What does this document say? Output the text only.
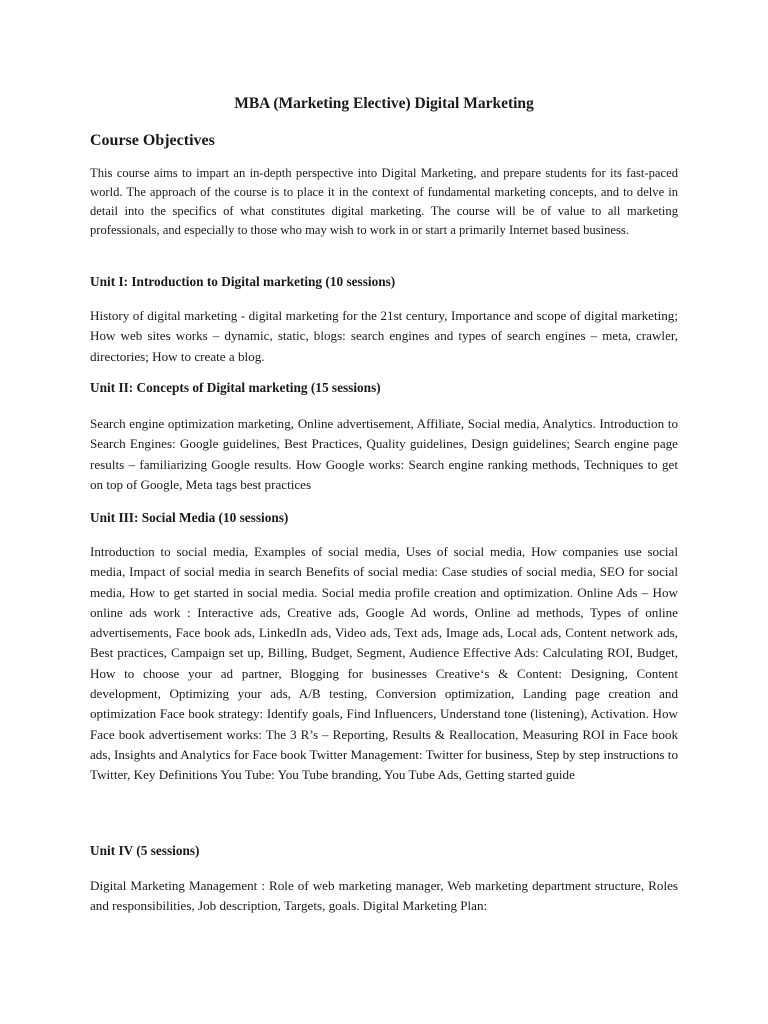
MBA (Marketing Elective) Digital Marketing
Course Objectives

This course aims to impart an in-depth perspective into Digital Marketing, and prepare students for its fast-paced world. The approach of the course is to place it in the context of fundamental marketing concepts, and to delve in detail into the specifics of what constitutes digital marketing. The course will be of value to all marketing professionals, and especially to those who may wish to work in or start a primarily Internet based business.

Unit I: Introduction to Digital marketing (10 sessions)

History of digital marketing - digital marketing for the 21st century, Importance and scope of digital marketing; How web sites works – dynamic, static, blogs: search engines and types of search engines – meta, crawler, directories; How to create a blog.

Unit II: Concepts of Digital marketing (15 sessions)

Search engine optimization marketing, Online advertisement, Affiliate, Social media, Analytics. Introduction to Search Engines: Google guidelines, Best Practices, Quality guidelines, Design guidelines; Search engine page results – familiarizing Google results. How Google works: Search engine ranking methods, Techniques to get on top of Google, Meta tags best practices

Unit III: Social Media (10 sessions)

Introduction to social media, Examples of social media, Uses of social media, How companies use social media, Impact of social media in search Benefits of social media: Case studies of social media, SEO for social media, How to get started in social media. Social media profile creation and optimization. Online Ads – How online ads work : Interactive ads, Creative ads, Google Ad words, Online ad methods, Types of online advertisements, Face book ads, LinkedIn ads, Video ads, Text ads, Image ads, Local ads, Content network ads, Best practices, Campaign set up, Billing, Budget, Segment, Audience Effective Ads: Calculating ROI, Budget, How to choose your ad partner, Blogging for businesses Creative‘s & Content: Designing, Content development, Optimizing your ads, A/B testing, Conversion optimization, Landing page creation and optimization Face book strategy: Identify goals, Find Influencers, Understand tone (listening), Activation. How Face book advertisement works: The 3 R’s – Reporting, Results & Reallocation, Measuring ROI in Face book ads, Insights and Analytics for Face book Twitter Management: Twitter for business, Step by step instructions to Twitter, Key Definitions You Tube: You Tube branding, You Tube Ads, Getting started guide

Unit IV (5 sessions)

Digital Marketing Management : Role of web marketing manager, Web marketing department structure, Roles and responsibilities, Job description, Targets, goals. Digital Marketing Plan:
